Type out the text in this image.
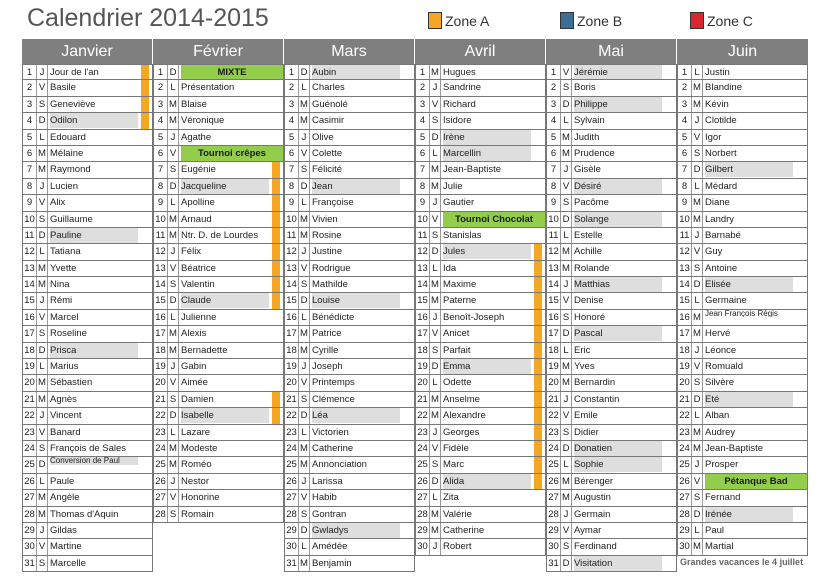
Calendrier 2014-2015	Zone A	Zone B	Zone C
Janvier	Février	Mars	Avril	Mai	Juin
1 J Jour de l'an
2 V Basile
3 S Geneviève
4 D Odilon
5 L Edouard
6 M Mélaine
7 M Raymond
8 J Lucien
9 V Alix
10 S Guillaume
11 D Pauline
12 L Tatiana
13 M Yvette
14 M Nina
15 J Rémi
16 V Marcel
17 S Roseline
18 D Prisca
19 L Marius
20 M Sébastien
21 M Agnès
22 J Vincent
23 V Banard
24 S François de Sales
25 D Conversion de Paul
26 L Paule
27 M Angèle
28 M Thomas d'Aquin
29 J Gildas
30 V Martine
31 S Marcelle
1 D	MIXTE
2 L Présentation
3 M Blaise
4 M Véronique
5 J Agathe
6 V	Tournoi crêpes
7 S Eugénie
8 D Jacqueline
9 L Apolline
10 M Arnaud
11 M Ntr. D. de Lourdes
12 J Félix
13 V Béatrice
14 S Valentin
15 D Claude
16 L Julienne
17 M Alexis
18 M Bernadette
19 J Gabin
20 V Aimée
21 S Damien
22 D Isabelle
23 L Lazare
24 M Modeste
25 M Roméo
26 J Nestor
27 V Honorine
28 S Romain
1 D Aubin
2 L Charles
3 M Guénolé
4 M Casimir
5 J Olive
6 V Colette
7 S Félicité
8 D Jean
9 L Françoise
10 M Vivien
11 M Rosine
12 J Justine
13 V Rodrigue
14 S Mathilde
15 D Louise
16 L Bénédicte
17 M Patrice
18 M Cyrille
19 J Joseph
20 V Printemps
21 S Clémence
22 D Léa
23 L Victorien
24 M Catherine
25 M Annonciation
26 J Larissa
27 V Habib
28 S Gontran
29 D Gwladys
30 L Amédée
31 M Benjamin
1 M Hugues
2 J Sandrine
3 V Richard
4 S Isidore
5 D Irène
6 L Marcellin
7 M Jean-Baptiste
8 M Julie
9 J Gautier
10 V	Tournoi Chocolat
11 S Stanislas
12 D Jules
13 L Ida
14 M Maxime
15 M Paterne
16 J Benoît-Joseph
17 V Anicet
18 S Parfait
19 D Emma
20 L Odette
21 M Anselme
22 M Alexandre
23 J Georges
24 V Fidèle
25 S Marc
26 D Alida
27 L Zita
28 M Valérie
29 M Catherine
30 J Robert
1 V Jérémie
2 S Boris
3 D Philippe
4 L Sylvain
5 M Judith
6 M Prudence
7 J Gisèle
8 V Désiré
9 S Pacôme
10 D Solange
11 L Estelle
12 M Achille
13 M Rolande
14 J Matthias
15 V Denise
16 S Honoré
17 D Pascal
18 L Eric
19 M Yves
20 M Bernardin
21 J Constantin
22 V Emile
23 S Didier
24 D Donatien
25 L Sophie
26 M Bérenger
27 M Augustin
28 J Germain
29 V Aymar
30 S Ferdinand
31 D Visitation
1 L Justin
2 M Blandine
3 M Kévin
4 J Clotilde
5 V Igor
6 S Norbert
7 D Gilbert
8 L Médard
9 M Diane
10 M Landry
11 J Barnabé
12 V Guy
13 S Antoine
14 D Elisée
15 L Germaine
16 M Jean François Régis
17 M Hervé
18 J Léonce
19 V Romuald
20 S Silvère
21 D Eté
22 L Alban
23 M Audrey
24 M Jean-Baptiste
25 J Prosper
26 V	Pétanque Bad
27 S Fernand
28 D Irénée
29 L Paul
30 M Martial
Grandes vacances le 4 juillet
